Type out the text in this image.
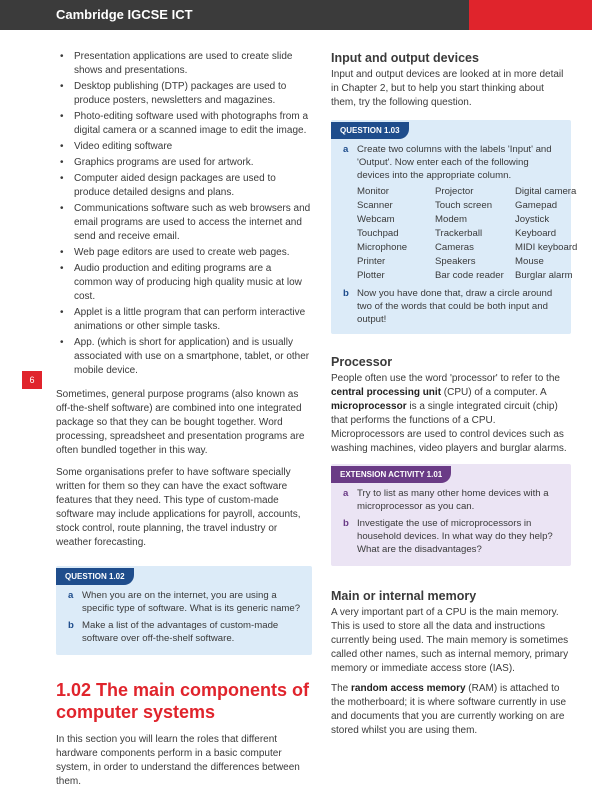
Cambridge IGCSE ICT
6
• Presentation applications are used to create slide shows and presentations.
• Desktop publishing (DTP) packages are used to produce posters, newsletters and magazines.
• Photo-editing software used with photographs from a digital camera or a scanned image to edit the image.
• Video editing software
• Graphics programs are used for artwork.
• Computer aided design packages are used to produce detailed designs and plans.
• Communications software such as web browsers and email programs are used to access the internet and send and receive email.
• Web page editors are used to create web pages.
• Audio production and editing programs are a common way of producing high quality music at low cost.
• Applet is a little program that can perform interactive animations or other simple tasks.
• App. (which is short for application) and is usually associated with use on a smartphone, tablet, or other mobile device.

Sometimes, general purpose programs (also known as off-the-shelf software) are combined into one integrated package so that they can be bought together. Word processing, spreadsheet and presentation programs are often bundled together in this way.

Some organisations prefer to have software specially written for them so they can have the exact software features that they need. This type of custom-made software may include applications for payroll, accounts, stock control, route planning, the travel industry or weather forecasting.

QUESTION 1.02
a When you are on the internet, you are using a specific type of software. What is its generic name?
b Make a list of the advantages of custom-made software over off-the-shelf software.
1.02 The main components of computer systems

In this section you will learn the roles that different hardware components perform in a basic computer system, in order to understand the differences between them.

Input and output devices

Input and output devices are looked at in more detail in Chapter 2, but to help you start thinking about them, try the following question.

QUESTION 1.03
a Create two columns with the labels 'Input' and 'Output'. Now enter each of the following devices into the appropriate column.
Monitor	Projector	Digital camera
Scanner	Touch screen	Gamepad
Webcam	Modem	Joystick
Touchpad	Trackerball	Keyboard
Microphone	Cameras	MIDI keyboard
Printer	Speakers	Mouse
Plotter	Bar code reader	Burglar alarm
b Now you have done that, draw a circle around two of the words that could be both input and output!
Processor

People often use the word 'processor' to refer to the central processing unit (CPU) of a computer. A microprocessor is a single integrated circuit (chip) that performs the functions of a CPU. Microprocessors are used to control devices such as washing machines, video players and burglar alarms.

EXTENSION ACTIVITY 1.01
a Try to list as many other home devices with a microprocessor as you can.
b Investigate the use of microprocessors in household devices. In what way do they help? What are the disadvantages?
Main or internal memory

A very important part of a CPU is the main memory. This is used to store all the data and instructions currently being used. The main memory is sometimes called other names, such as internal memory, primary memory or immediate access store (IAS).

The random access memory (RAM) is attached to the motherboard; it is where software currently in use and documents that you are currently working on are stored whilst you are using them.
